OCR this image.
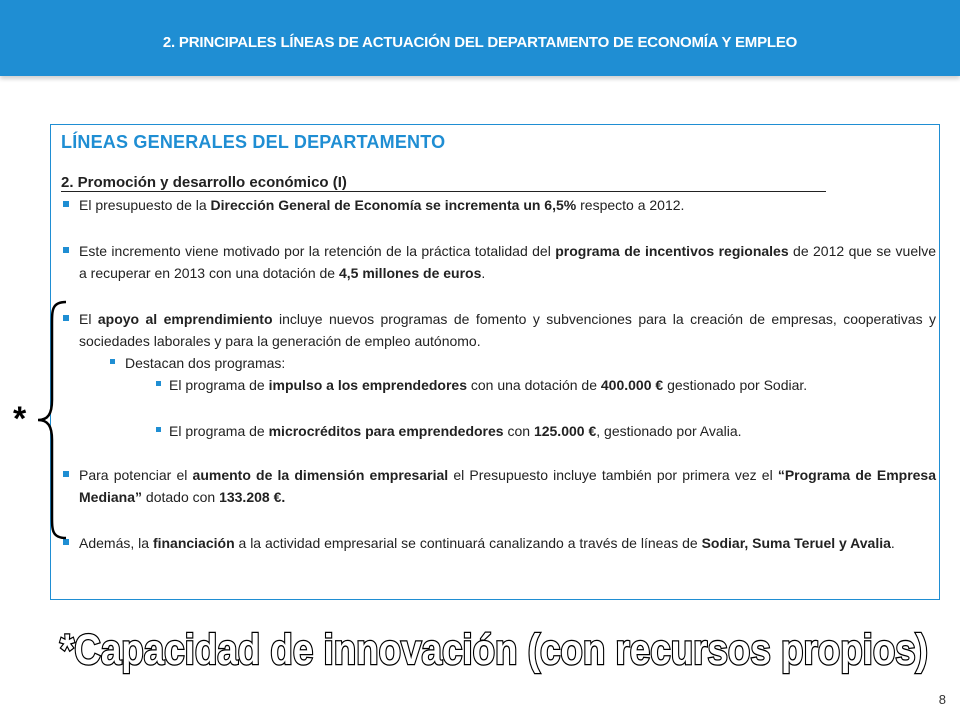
2. PRINCIPALES LÍNEAS DE ACTUACIÓN DEL DEPARTAMENTO DE ECONOMÍA Y EMPLEO
LÍNEAS GENERALES DEL DEPARTAMENTO
2. Promoción y desarrollo económico (I)
El presupuesto de la Dirección General de Economía se incrementa un 6,5% respecto a 2012.
Este incremento viene motivado por la retención de la práctica totalidad del programa de incentivos regionales de 2012 que se vuelve a recuperar en 2013 con una dotación de 4,5 millones de euros.
El apoyo al emprendimiento incluye nuevos programas de fomento y subvenciones para la creación de empresas, cooperativas y sociedades laborales y para la generación de empleo autónomo.
Destacan dos programas:
El programa de impulso a los emprendedores con una dotación de 400.000 € gestionado por Sodiar.
El programa de microcréditos para emprendedores con 125.000 €, gestionado por Avalia.
Para potenciar el aumento de la dimensión empresarial el Presupuesto incluye también por primera vez el “Programa de Empresa Mediana” dotado con 133.208 €.
Además, la financiación a la actividad empresarial se continuará canalizando a través de líneas de Sodiar, Suma Teruel y Avalia.
*
*Capacidad de innovación (con recursos propios)
8
